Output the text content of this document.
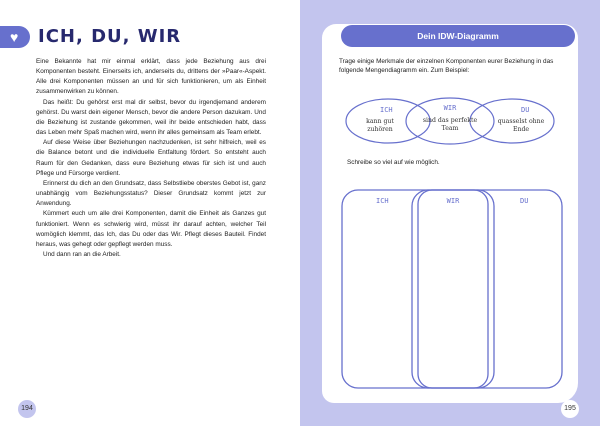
♥ ICH, DU, WIR

Eine Bekannte hat mir einmal erklärt, dass jede Beziehung aus drei Komponenten besteht. Einerseits ich, anderseits du, drittens der »Paar«-Aspekt. Alle drei Komponenten müssen an und für sich funktionieren, um als Einheit zusammenwirken zu können.

Das heißt: Du gehörst erst mal dir selbst, bevor du irgendjemand anderem gehörst. Du warst dein eigener Mensch, bevor die andere Person dazukam. Und die Beziehung ist zustande gekommen, weil ihr beide entschieden habt, dass das Leben mehr Spaß machen wird, wenn ihr alles gemeinsam als Team erlebt.

Auf diese Weise über Beziehungen nachzudenken, ist sehr hilfreich, weil es die Balance betont und die individuelle Entfaltung fördert. So entsteht auch Raum für den Gedanken, dass eure Beziehung etwas für sich ist und auch Pflege und Fürsorge verdient.

Erinnerst du dich an den Grundsatz, dass Selbstliebe oberstes Gebot ist, ganz unabhängig vom Beziehungsstatus? Dieser Grundsatz kommt jetzt zur Anwendung.

Kümmert euch um alle drei Komponenten, damit die Einheit als Ganzes gut funktioniert. Wenn es schwierig wird, müsst ihr darauf achten, welcher Teil womöglich klemmt, das Ich, das Du oder das Wir. Pflegt dieses Bauteil. Findet heraus, was gehegt oder gepflegt werden muss.

Und dann ran an die Arbeit.

194
Dein IDW-Diagramm

Trage einige Merkmale der einzelnen Komponenten eurer Beziehung in das folgende Mengendiagramm ein. Zum Beispiel:

ICH
kann gut
zuhören
WIR
sind das perfekte
Team
DU
quasselst ohne
Ende

Schreibe so viel auf wie möglich.

ICH	WIR	DU
195
